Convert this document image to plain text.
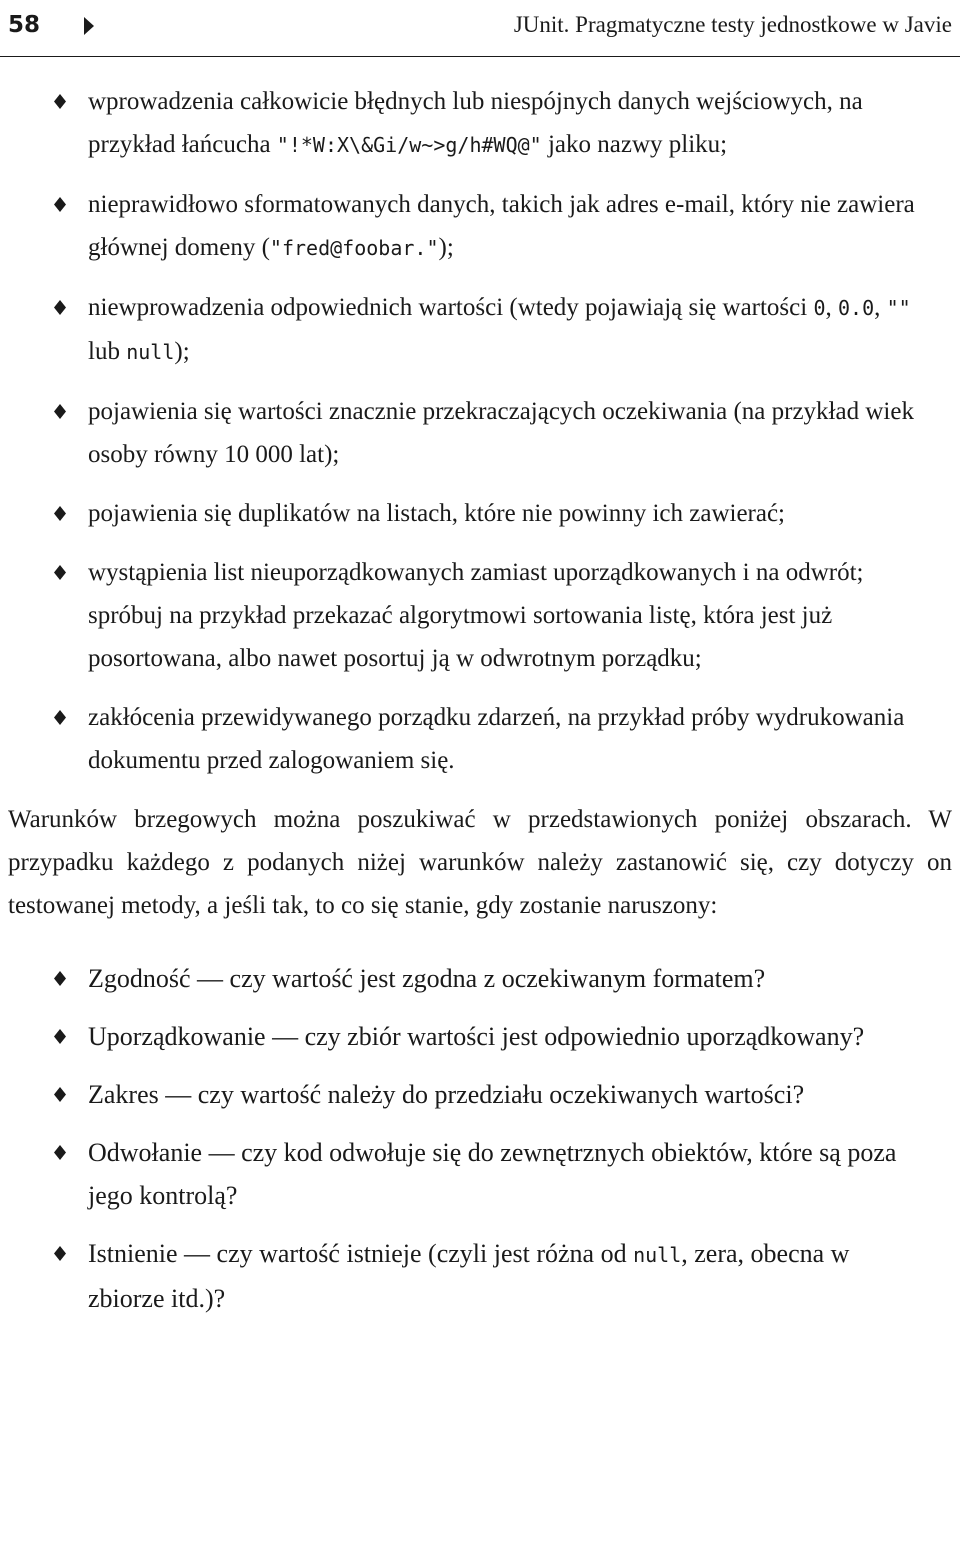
58	JUnit. Pragmatyczne testy jednostkowe w Javie
wprowadzenia całkowicie błędnych lub niespójnych danych wejściowych, na przykład łańcucha "!*W:X\&Gi/w~>g/h#WQ@" jako nazwy pliku;
nieprawidłowo sformatowanych danych, takich jak adres e-mail, który nie zawiera głównej domeny ("fred@foobar.");
niewprowadzenia odpowiednich wartości (wtedy pojawiają się wartości 0, 0.0, "" lub null);
pojawienia się wartości znacznie przekraczających oczekiwania (na przykład wiek osoby równy 10 000 lat);
pojawienia się duplikatów na listach, które nie powinny ich zawierać;
wystąpienia list nieuporządkowanych zamiast uporządkowanych i na odwrót; spróbuj na przykład przekazać algorytmowi sortowania listę, która jest już posortowana, albo nawet posortuj ją w odwrotnym porządku;
zakłócenia przewidywanego porządku zdarzeń, na przykład próby wydrukowania dokumentu przed zalogowaniem się.

Warunków brzegowych można poszukiwać w przedstawionych poniżej obszarach. W przypadku każdego z podanych niżej warunków należy zastanowić się, czy dotyczy on testowanej metody, a jeśli tak, to co się stanie, gdy zostanie naruszony:

Zgodność — czy wartość jest zgodna z oczekiwanym formatem?
Uporządkowanie — czy zbiór wartości jest odpowiednio uporządkowany?
Zakres — czy wartość należy do przedziału oczekiwanych wartości?
Odwołanie — czy kod odwołuje się do zewnętrznych obiektów, które są poza jego kontrolą?
Istnienie — czy wartość istnieje (czyli jest różna od null, zera, obecna w zbiorze itd.)?
